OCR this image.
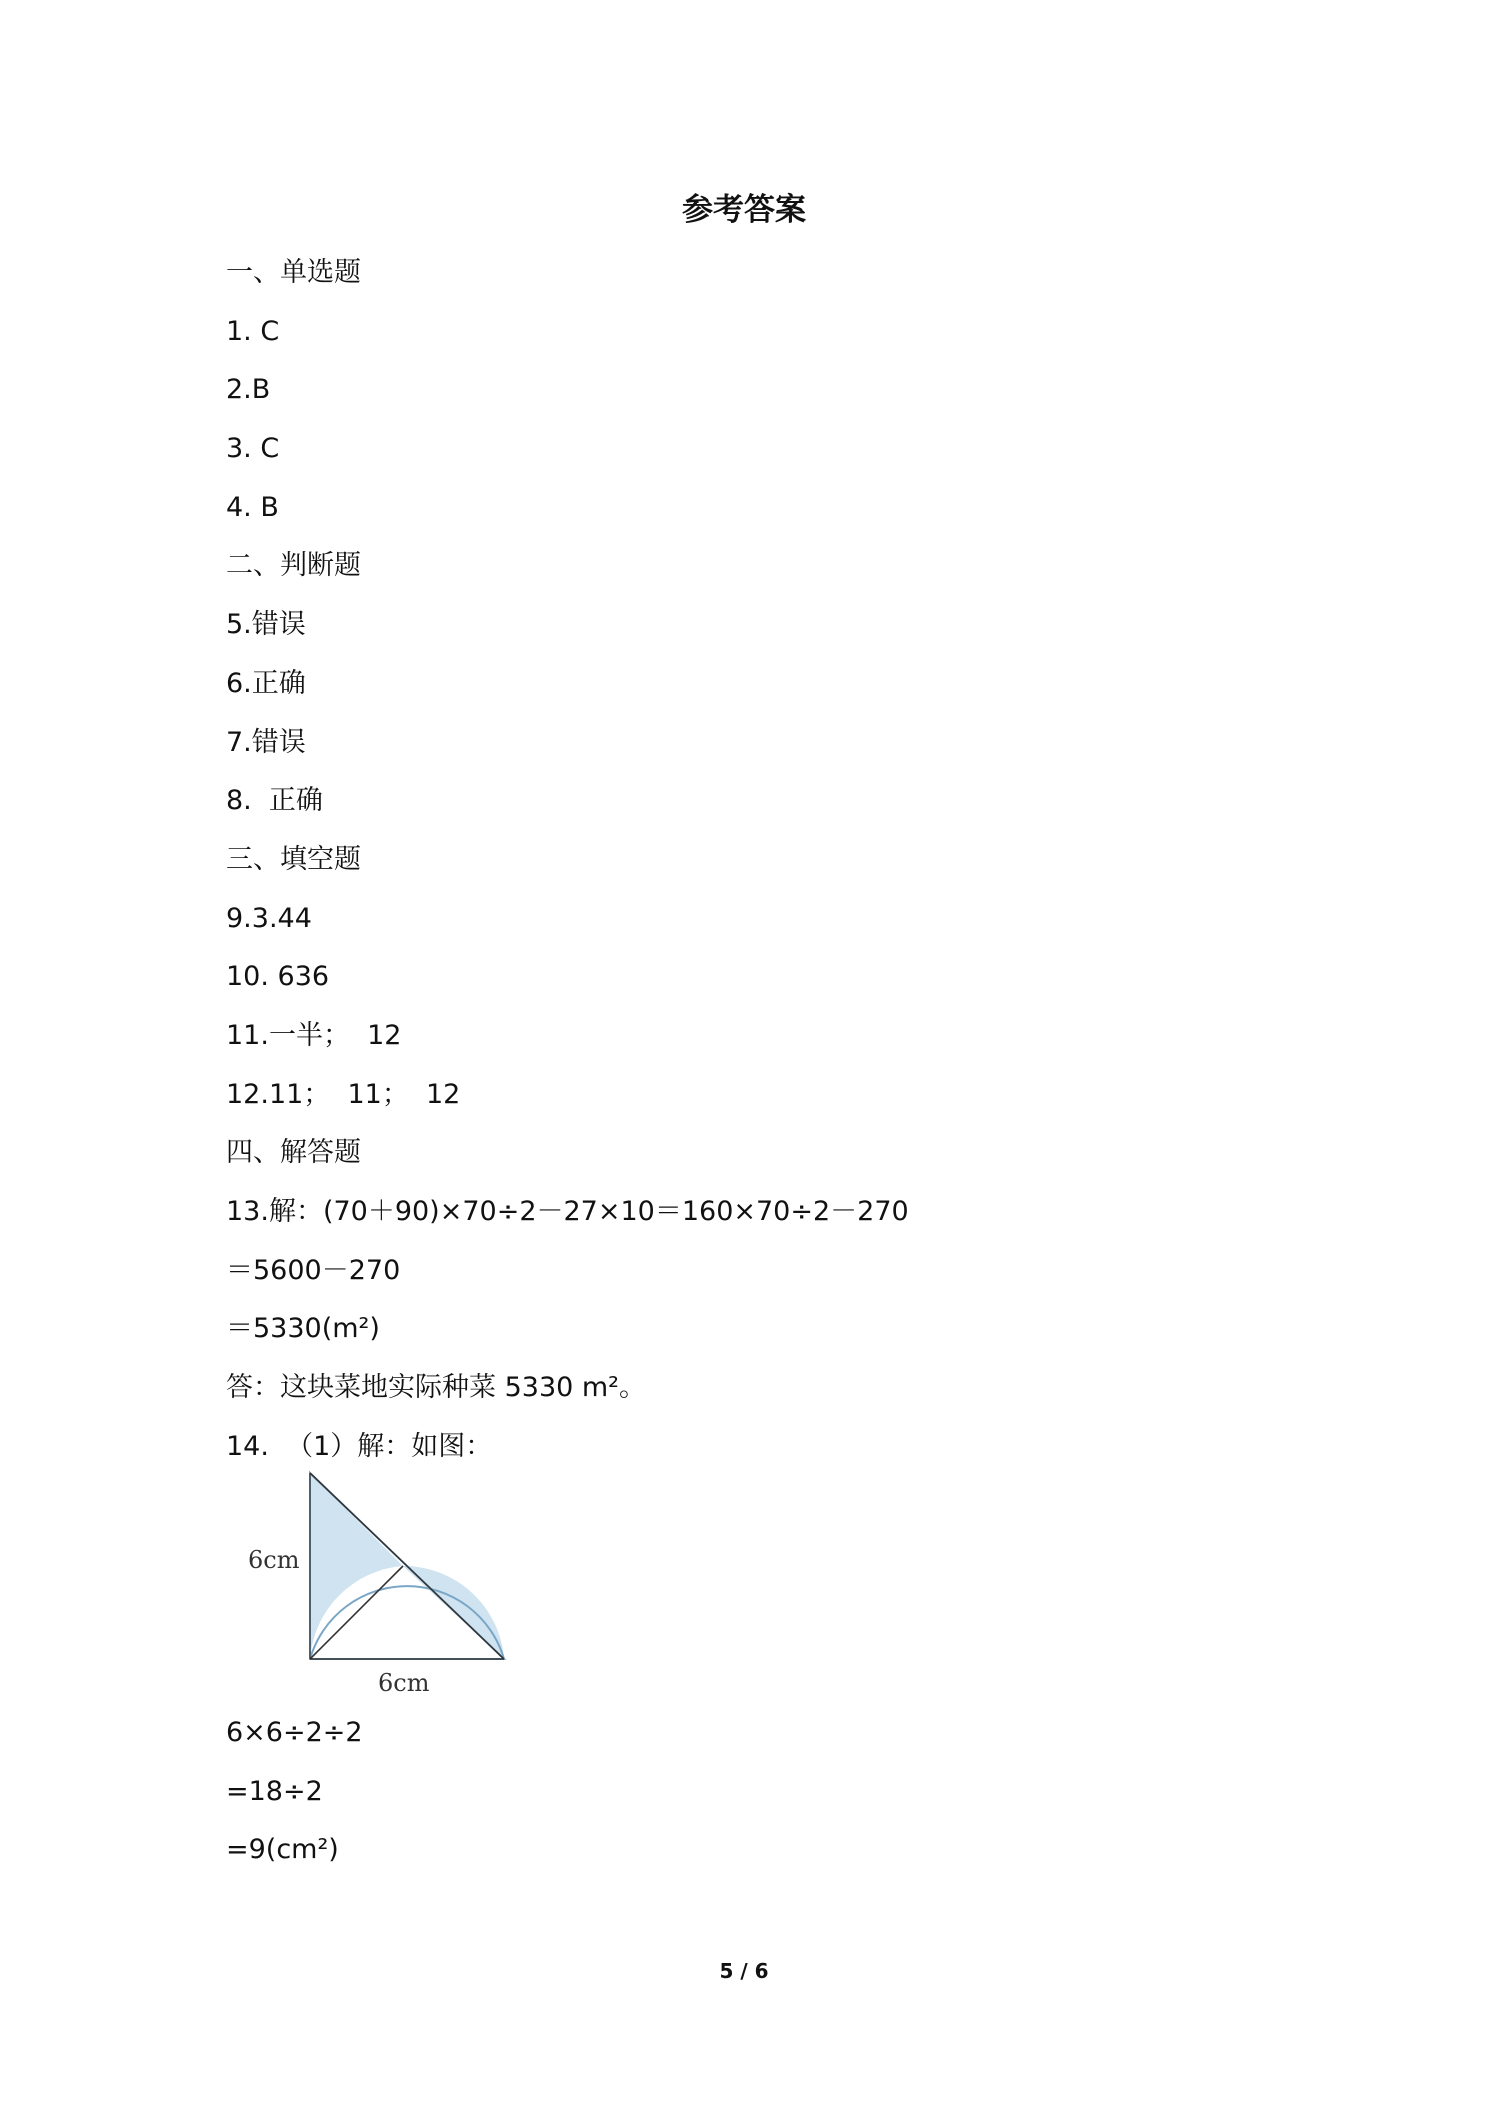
参考答案
一、单选题
1. C
2.B
3. C
4. B
二、判断题
5.错误
6.正确
7.错误
8.  正确
三、填空题
9.3.44
10. 636
11.一半；  12
12.11；  11；  12
四、解答题
13.解：(70＋90)×70÷2－27×10＝160×70÷2－270
＝5600－270
＝5330(m²)
答：这块菜地实际种菜 5330 m²。
14.  （1）解：如图：
6cm
6cm
6×6÷2÷2
=18÷2
=9(cm²)
5 / 6
